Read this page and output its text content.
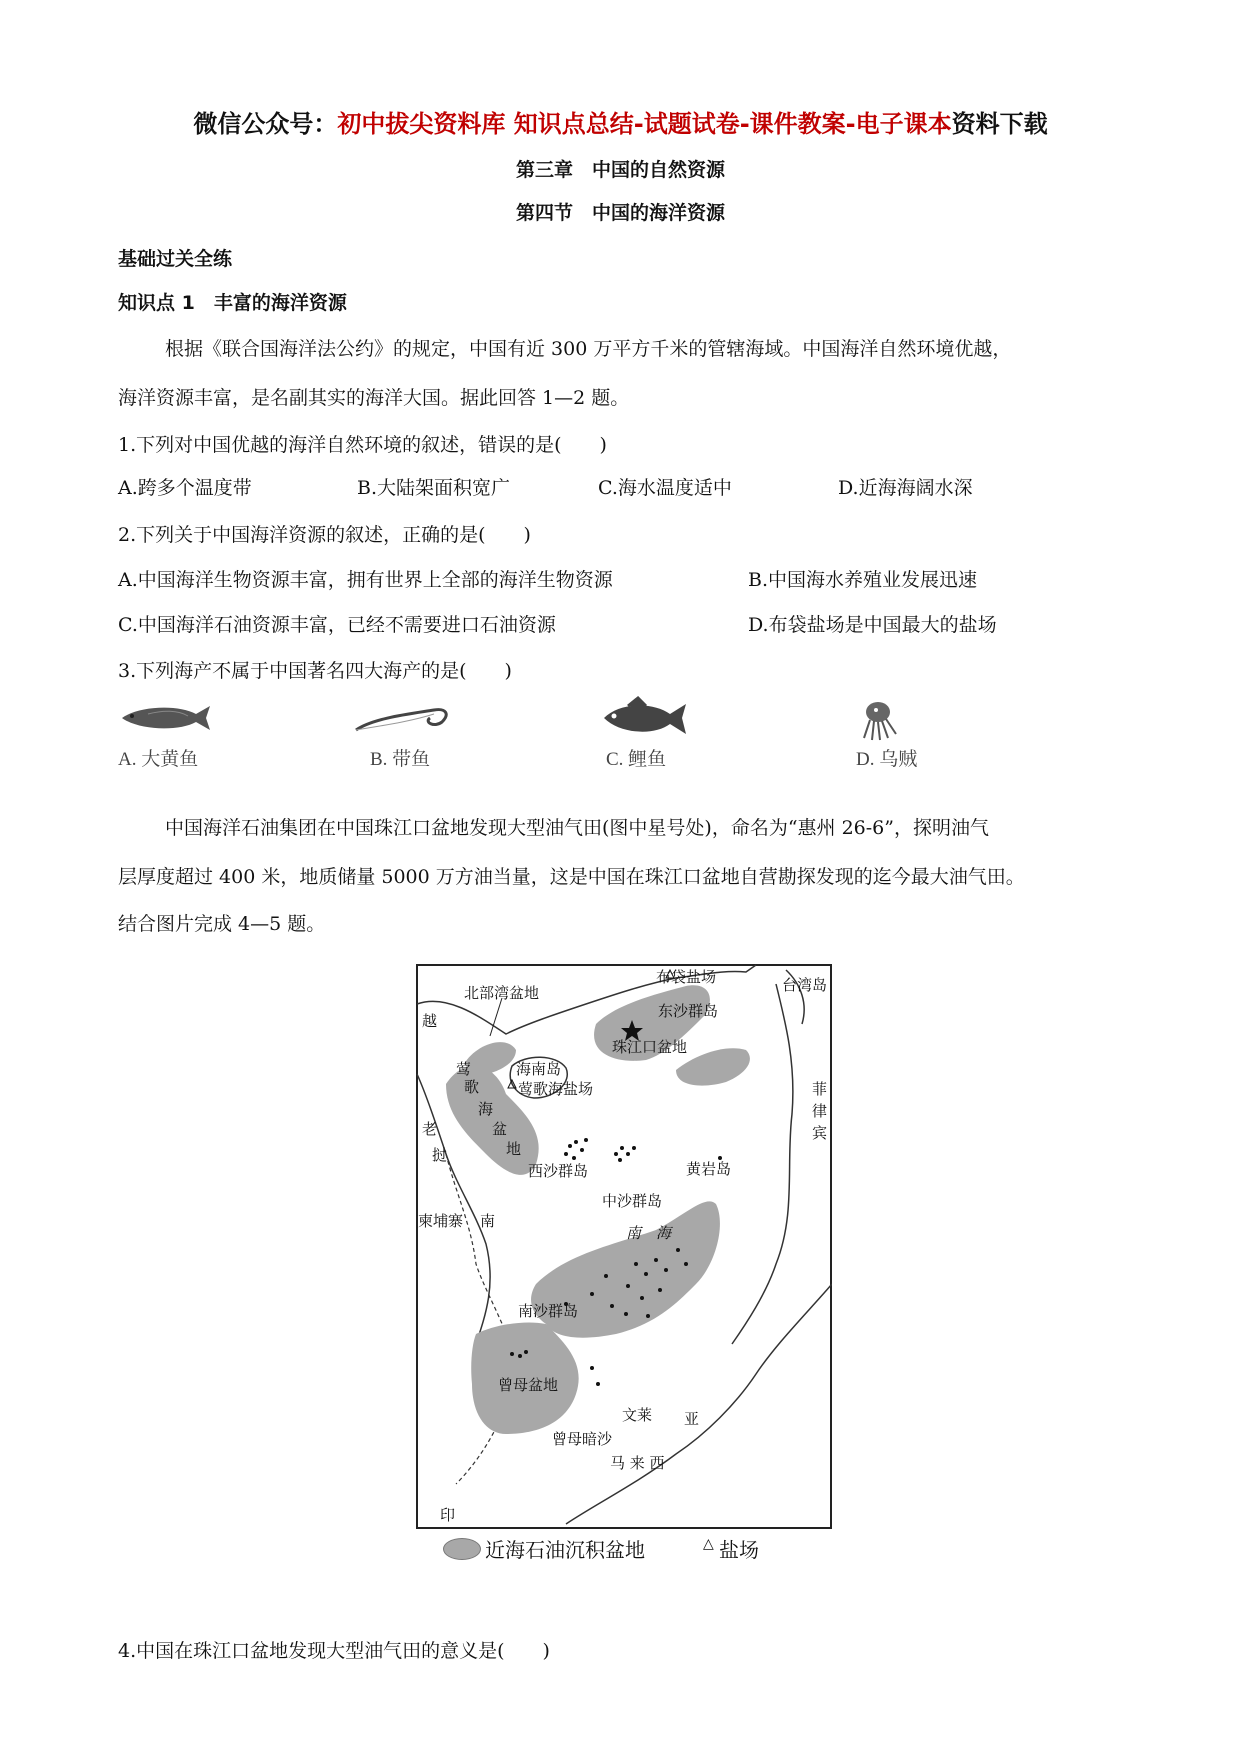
微信公众号：初中拔尖资料库 知识点总结-试题试卷-课件教案-电子课本资料下载
第三章　中国的自然资源
第四节　中国的海洋资源
基础过关全练
知识点 1　丰富的海洋资源
根据《联合国海洋法公约》的规定，中国有近 300 万平方千米的管辖海域。中国海洋自然环境优越，
海洋资源丰富，是名副其实的海洋大国。据此回答 1—2 题。
1.下列对中国优越的海洋自然环境的叙述，错误的是(　　)
A.跨多个温度带	B.大陆架面积宽广	C.海水温度适中	D.近海海阔水深
2.下列关于中国海洋资源的叙述，正确的是(　　)
A.中国海洋生物资源丰富，拥有世界上全部的海洋生物资源	B.中国海水养殖业发展迅速
C.中国海洋石油资源丰富，已经不需要进口石油资源	D.布袋盐场是中国最大的盐场
3.下列海产不属于中国著名四大海产的是(　　)
A. 大黄鱼	B. 带鱼	C. 鲤鱼	D. 乌贼
中国海洋石油集团在中国珠江口盆地发现大型油气田(图中星号处)，命名为“惠州 26-6”，探明油气
层厚度超过 400 米，地质储量 5000 万方油当量，这是中国在珠江口盆地自营勘探发现的迄今最大油气田。
结合图片完成 4—5 题。
布袋盐场	台湾岛
北部湾盆地
东沙群岛
珠江口盆地
海南岛
莺歌海盐场
莺
歌
海
盆
地
越
菲
律
宾
老
挝
西沙群岛	黄岩岛
中沙群岛
南　海
柬埔寨 南
南沙群岛
曾母盆地
文莱 亚
曾母暗沙
马 来 西
印
近海石油沉积盆地	△ 盐场
4.中国在珠江口盆地发现大型油气田的意义是(　　)
